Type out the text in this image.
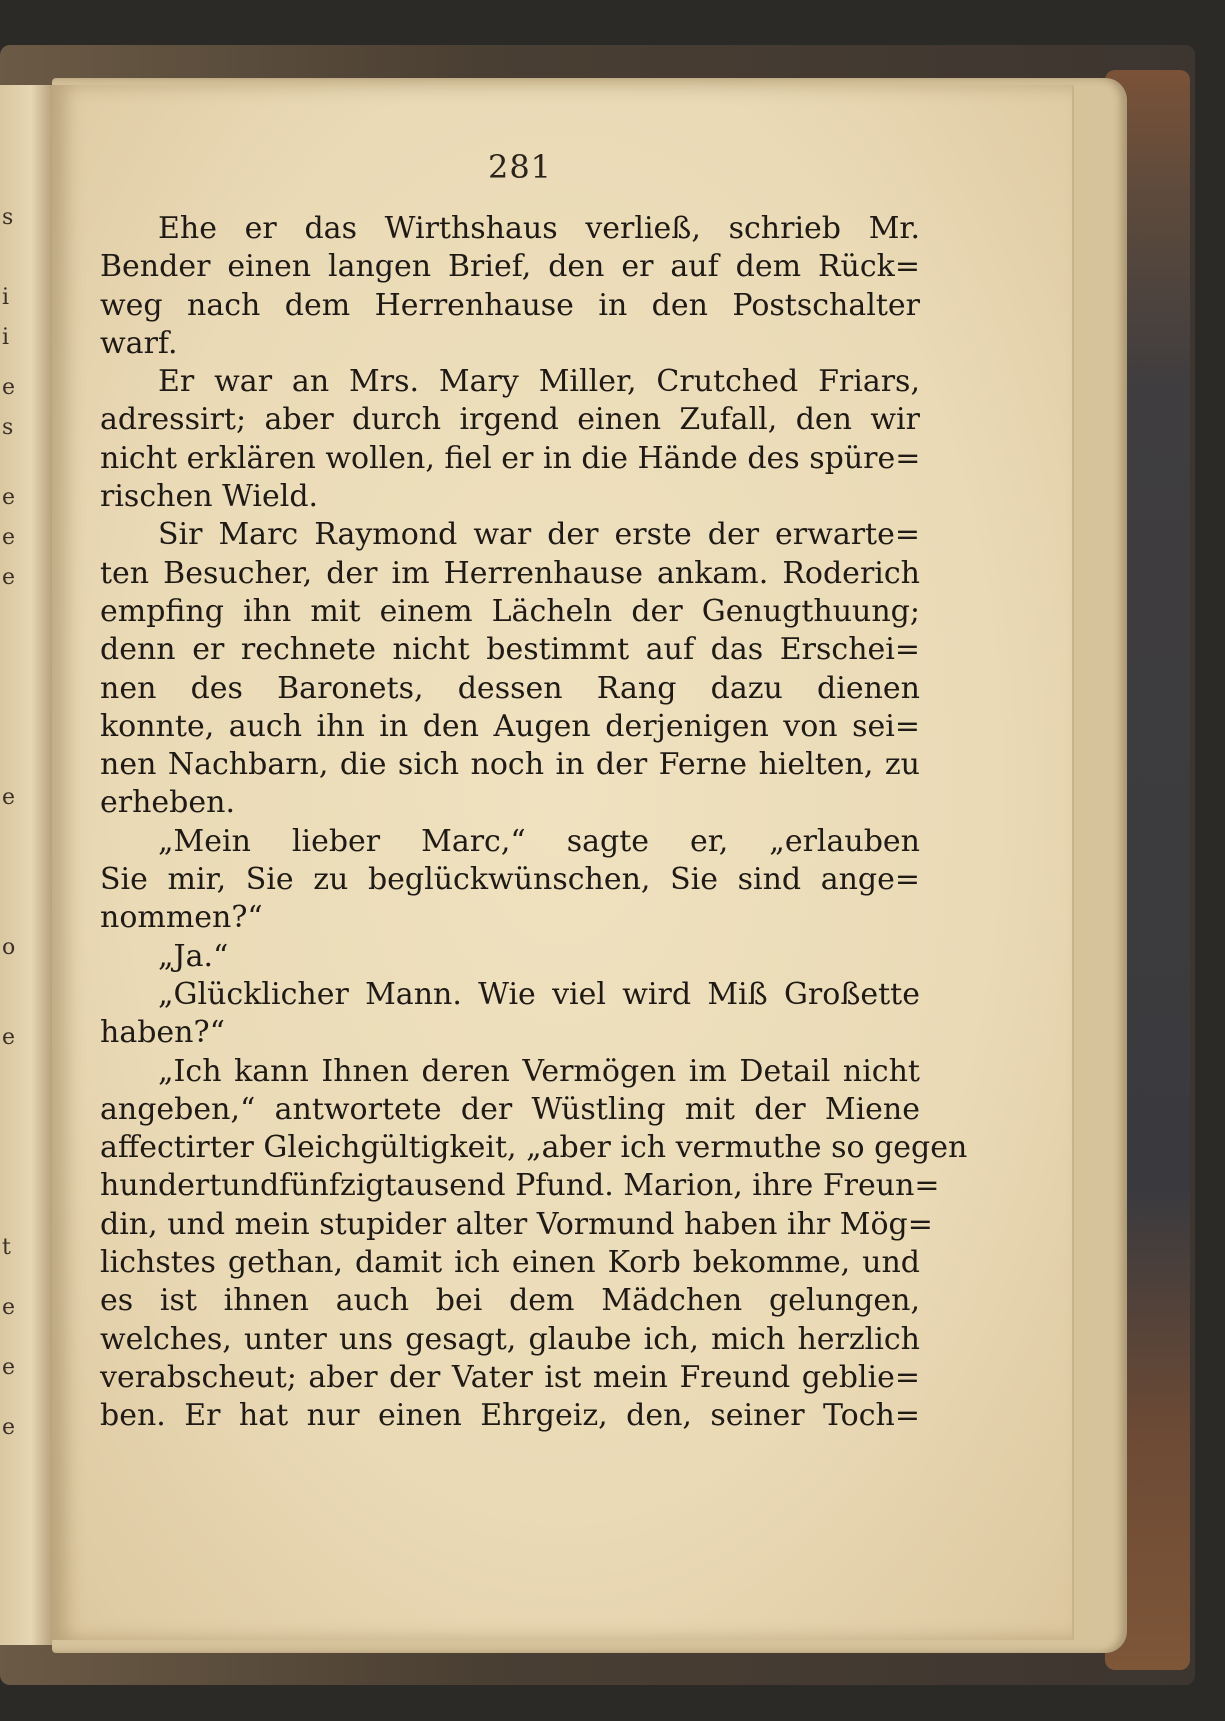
s
i
i
e
s
e
e
e
e
o
e
t
e
e
e
281
Ehe er das Wirthshaus verließ, schrieb Mr.
Bender einen langen Brief, den er auf dem Rück=
weg nach dem Herrenhause in den Postschalter
warf.
Er war an Mrs. Mary Miller, Crutched Friars,
adressirt; aber durch irgend einen Zufall, den wir
nicht erklären wollen, fiel er in die Hände des spüre=
rischen Wield.
Sir Marc Raymond war der erste der erwarte=
ten Besucher, der im Herrenhause ankam. Roderich
empfing ihn mit einem Lächeln der Genugthuung;
denn er rechnete nicht bestimmt auf das Erschei=
nen des Baronets, dessen Rang dazu dienen
konnte, auch ihn in den Augen derjenigen von sei=
nen Nachbarn, die sich noch in der Ferne hielten, zu
erheben.
„Mein lieber Marc,“ sagte er, „erlauben
Sie mir, Sie zu beglückwünschen, Sie sind ange=
nommen?“
„Ja.“
„Glücklicher Mann. Wie viel wird Miß Großette
haben?“
„Ich kann Ihnen deren Vermögen im Detail nicht
angeben,“ antwortete der Wüstling mit der Miene
affectirter Gleichgültigkeit, „aber ich vermuthe so gegen
hundertundfünfzigtausend Pfund. Marion, ihre Freun=
din, und mein stupider alter Vormund haben ihr Mög=
lichstes gethan, damit ich einen Korb bekomme, und
es ist ihnen auch bei dem Mädchen gelungen,
welches, unter uns gesagt, glaube ich, mich herzlich
verabscheut; aber der Vater ist mein Freund geblie=
ben. Er hat nur einen Ehrgeiz, den, seiner Toch=
